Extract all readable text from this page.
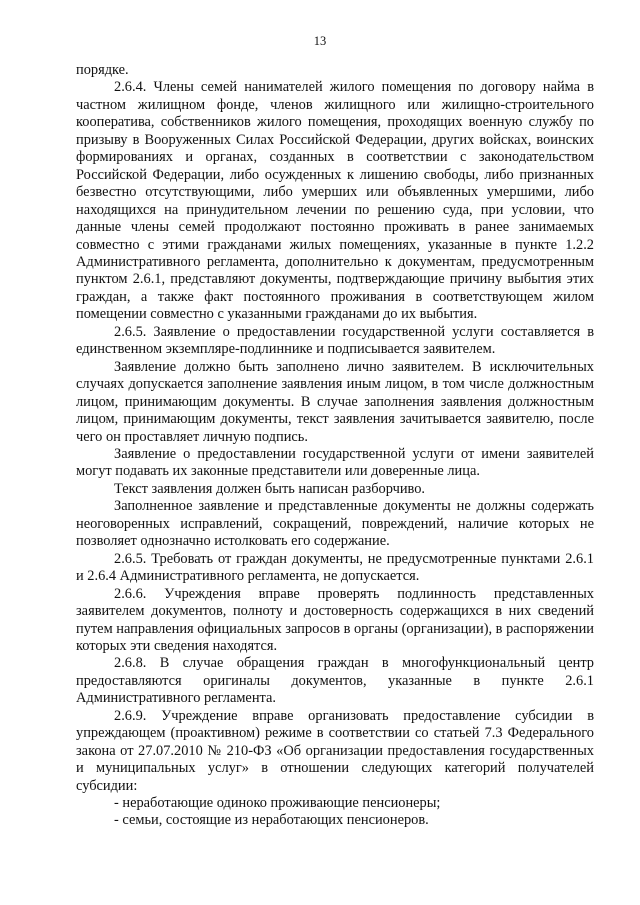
13

порядке.

2.6.4. Члены семей нанимателей жилого помещения по договору найма в частном жилищном фонде, членов жилищного или жилищно-строительного кооператива, собственников жилого помещения, проходящих военную службу по призыву в Вооруженных Силах Российской Федерации, других войсках, воинских формированиях и органах, созданных в соответствии с законодательством Российской Федерации, либо осужденных к лишению свободы, либо признанных безвестно отсутствующими, либо умерших или объявленных умершими, либо находящихся на принудительном лечении по решению суда, при условии, что данные члены семей продолжают постоянно проживать в ранее занимаемых совместно с этими гражданами жилых помещениях, указанные в пункте 1.2.2 Административного регламента, дополнительно к документам, предусмотренным пунктом 2.6.1, представляют документы, подтверждающие причину выбытия этих граждан, а также факт постоянного проживания в соответствующем жилом помещении совместно с указанными гражданами до их выбытия.

2.6.5. Заявление о предоставлении государственной услуги составляется в единственном экземпляре-подлиннике и подписывается заявителем.

Заявление должно быть заполнено лично заявителем. В исключительных случаях допускается заполнение заявления иным лицом, в том числе должностным лицом, принимающим документы. В случае заполнения заявления должностным лицом, принимающим документы, текст заявления зачитывается заявителю, после чего он проставляет личную подпись.

Заявление о предоставлении государственной услуги от имени заявителей могут подавать их законные представители или доверенные лица.

Текст заявления должен быть написан разборчиво.

Заполненное заявление и представленные документы не должны содержать неоговоренных исправлений, сокращений, повреждений, наличие которых не позволяет однозначно истолковать его содержание.

2.6.5. Требовать от граждан документы, не предусмотренные пунктами 2.6.1 и 2.6.4 Административного регламента, не допускается.

2.6.6. Учреждения вправе проверять подлинность представленных заявителем документов, полноту и достоверность содержащихся в них сведений путем направления официальных запросов в органы (организации), в распоряжении которых эти сведения находятся.

2.6.8. В случае обращения граждан в многофункциональный центр предоставляются оригиналы документов, указанные в пункте 2.6.1 Административного регламента.

2.6.9. Учреждение вправе организовать предоставление субсидии в упреждающем (проактивном) режиме в соответствии со статьей 7.3 Федерального закона от 27.07.2010 № 210-ФЗ «Об организации предоставления государственных и муниципальных услуг» в отношении следующих категорий получателей субсидии:

- неработающие одиноко проживающие пенсионеры;

- семьи, состоящие из неработающих пенсионеров.
